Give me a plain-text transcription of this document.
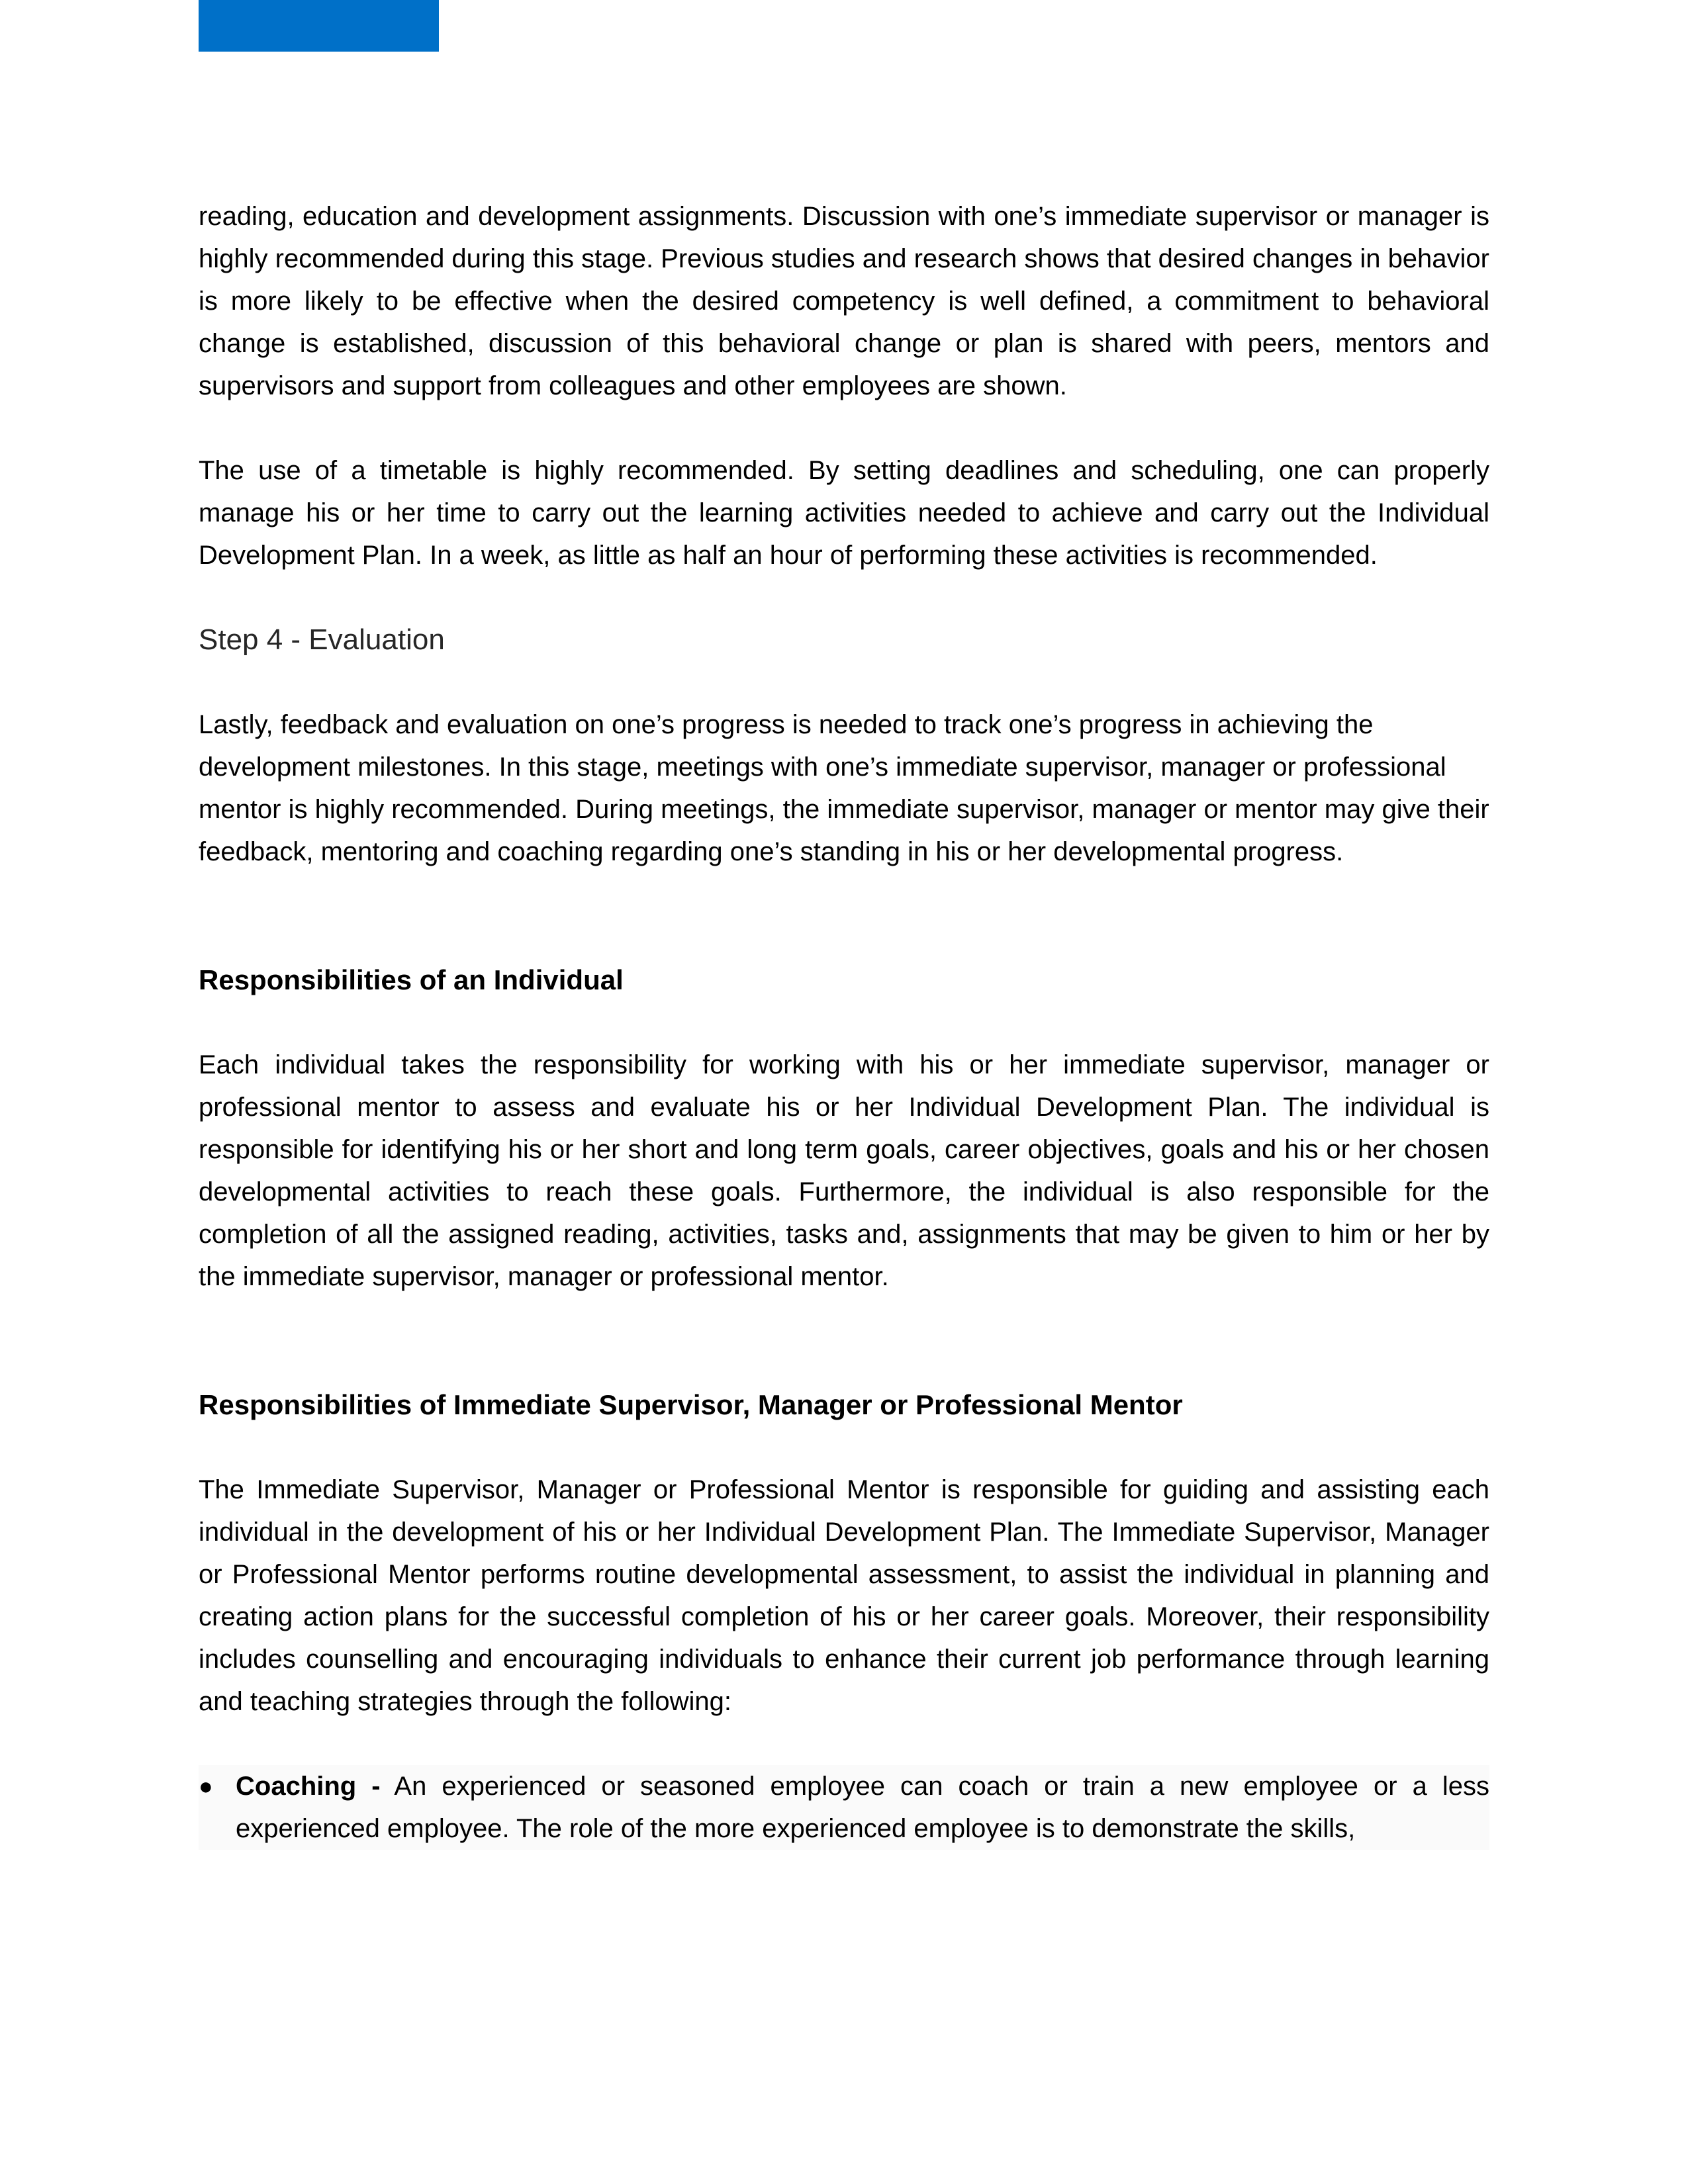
reading, education and development assignments. Discussion with one’s immediate supervisor or manager is highly recommended during this stage. Previous studies and research shows that desired changes in behavior is more likely to be effective when the desired competency is well defined, a commitment to behavioral change is established, discussion of this behavioral change or plan is shared with peers, mentors and supervisors and support from colleagues and other employees are shown.

The use of a timetable is highly recommended. By setting deadlines and scheduling, one can properly manage his or her time to carry out the learning activities needed to achieve and carry out the Individual Development Plan. In a week, as little as half an hour of performing these activities is recommended.

Step 4 - Evaluation

Lastly, feedback and evaluation on one’s progress is needed to track one’s progress in achieving the development milestones. In this stage, meetings with one’s immediate supervisor, manager or professional mentor is highly recommended. During meetings, the immediate supervisor, manager or mentor may give their feedback, mentoring and coaching regarding one’s standing in his or her developmental progress.

Responsibilities of an Individual

Each individual takes the responsibility for working with his or her immediate supervisor, manager or professional mentor to assess and evaluate his or her Individual Development Plan. The individual is responsible for identifying his or her short and long term goals, career objectives, goals and his or her chosen developmental activities to reach these goals. Furthermore, the individual is also responsible for the completion of all the assigned reading, activities, tasks and, assignments that may be given to him or her by the immediate supervisor, manager or professional mentor.

Responsibilities of Immediate Supervisor, Manager or Professional Mentor

The Immediate Supervisor, Manager or Professional Mentor is responsible for guiding and assisting each individual in the development of his or her Individual Development Plan. The Immediate Supervisor, Manager or Professional Mentor performs routine developmental assessment, to assist the individual in planning and creating action plans for the successful completion of his or her career goals. Moreover, their responsibility includes counselling and encouraging individuals to enhance their current job performance through learning and teaching strategies through the following:

● Coaching - An experienced or seasoned employee can coach or train a new employee or a less experienced employee. The role of the more experienced employee is to demonstrate the skills,
